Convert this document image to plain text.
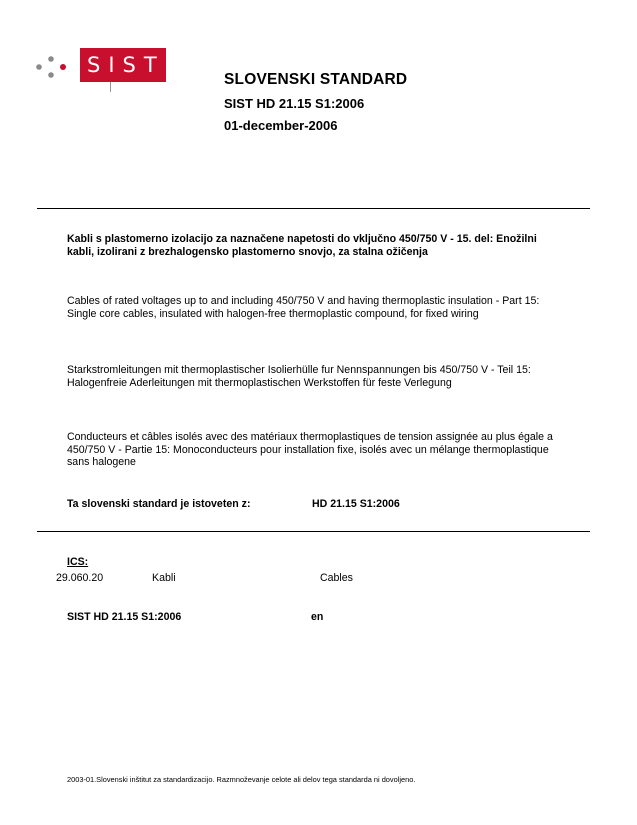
SIST
SLOVENSKI STANDARD
SIST HD 21.15 S1:2006
01-december-2006
Kabli s plastomerno izolacijo za naznačene napetosti do vključno 450/750 V - 15. del: Enožilni kabli, izolirani z brezhalogensko plastomerno snovjo, za stalna ožičenja
Cables of rated voltages up to and including 450/750 V and having thermoplastic insulation - Part 15: Single core cables, insulated with halogen-free thermoplastic compound, for fixed wiring
Starkstromleitungen mit thermoplastischer Isolierhülle fur Nennspannungen bis 450/750 V - Teil 15: Halogenfreie Aderleitungen mit thermoplastischen Werkstoffen für feste Verlegung
Conducteurs et câbles isolés avec des matériaux thermoplastiques de tension assignée au plus égale a 450/750 V - Partie 15: Monoconducteurs pour installation fixe, isolés avec un mélange thermoplastique sans halogene
Ta slovenski standard je istoveten z:	HD 21.15 S1:2006
ICS:
29.060.20	Kabli	Cables
SIST HD 21.15 S1:2006	en
2003-01.Slovenski inštitut za standardizacijo. Razmnoževanje celote ali delov tega standarda ni dovoljeno.
